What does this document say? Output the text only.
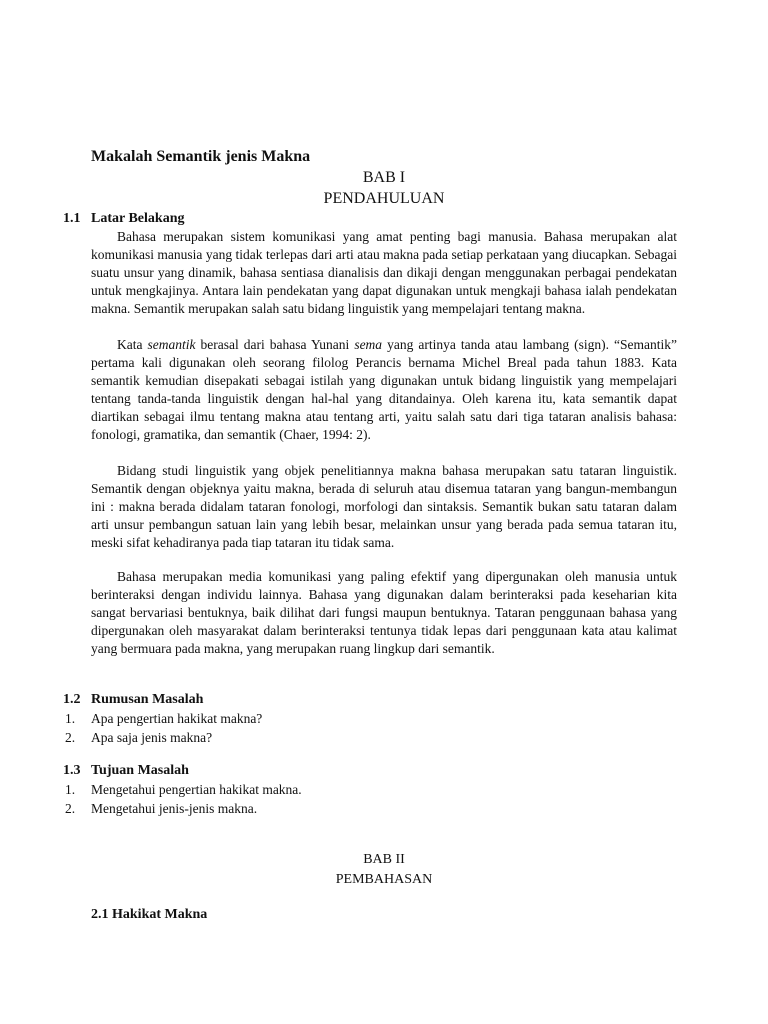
Makalah Semantik jenis Makna
BAB I
PENDAHULUAN
1.1 Latar Belakang

Bahasa merupakan sistem komunikasi yang amat penting bagi manusia. Bahasa merupakan alat komunikasi manusia yang tidak terlepas dari arti atau makna pada setiap perkataan yang diucapkan. Sebagai suatu unsur yang dinamik, bahasa sentiasa dianalisis dan dikaji dengan menggunakan perbagai pendekatan untuk mengkajinya. Antara lain pendekatan yang dapat digunakan untuk mengkaji bahasa ialah pendekatan makna. Semantik merupakan salah satu bidang linguistik yang mempelajari tentang makna.

Kata semantik berasal dari bahasa Yunani sema yang artinya tanda atau lambang (sign). “Semantik” pertama kali digunakan oleh seorang filolog Perancis bernama Michel Breal pada tahun 1883. Kata semantik kemudian disepakati sebagai istilah yang digunakan untuk bidang linguistik yang mempelajari tentang tanda-tanda linguistik dengan hal-hal yang ditandainya. Oleh karena itu, kata semantik dapat diartikan sebagai ilmu tentang makna atau tentang arti, yaitu salah satu dari tiga tataran analisis bahasa: fonologi, gramatika, dan semantik (Chaer, 1994: 2).

Bidang studi linguistik yang objek penelitiannya makna bahasa merupakan satu tataran linguistik. Semantik dengan objeknya yaitu makna, berada di seluruh atau disemua tataran yang bangun-membangun ini : makna berada didalam tataran fonologi, morfologi dan sintaksis. Semantik bukan satu tataran dalam arti unsur pembangun satuan lain yang lebih besar, melainkan unsur yang berada pada semua tataran itu, meski sifat kehadiranya pada tiap tataran itu tidak sama.

Bahasa merupakan media komunikasi yang paling efektif yang dipergunakan oleh manusia untuk berinteraksi dengan individu lainnya. Bahasa yang digunakan dalam berinteraksi pada keseharian kita sangat bervariasi bentuknya, baik dilihat dari fungsi maupun bentuknya. Tataran penggunaan bahasa yang dipergunakan oleh masyarakat dalam berinteraksi tentunya tidak lepas dari penggunaan kata atau kalimat yang bermuara pada makna, yang merupakan ruang lingkup dari semantik.

1.2 Rumusan Masalah
1.	Apa pengertian hakikat makna?
2.	Apa saja jenis makna?
1.3 Tujuan Masalah
1.	Mengetahui pengertian hakikat makna.
2.	Mengetahui jenis-jenis makna.
BAB II
PEMBAHASAN
2.1 Hakikat Makna
